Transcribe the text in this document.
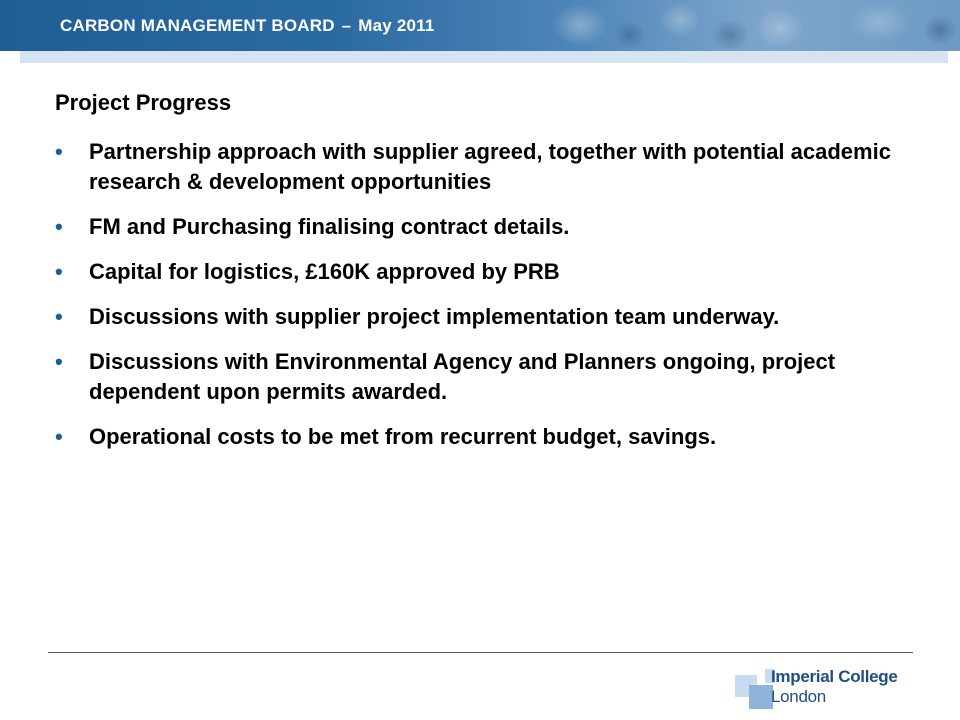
CARBON MANAGEMENT BOARD – May 2011
Project Progress
• Partnership approach with supplier agreed, together with potential academic research & development opportunities
• FM and Purchasing finalising contract details.
• Capital for logistics, £160K approved by PRB
• Discussions with supplier project implementation team underway.
• Discussions with Environmental Agency and Planners ongoing, project dependent upon permits awarded.
• Operational costs to be met from recurrent budget, savings.
Imperial College
London
